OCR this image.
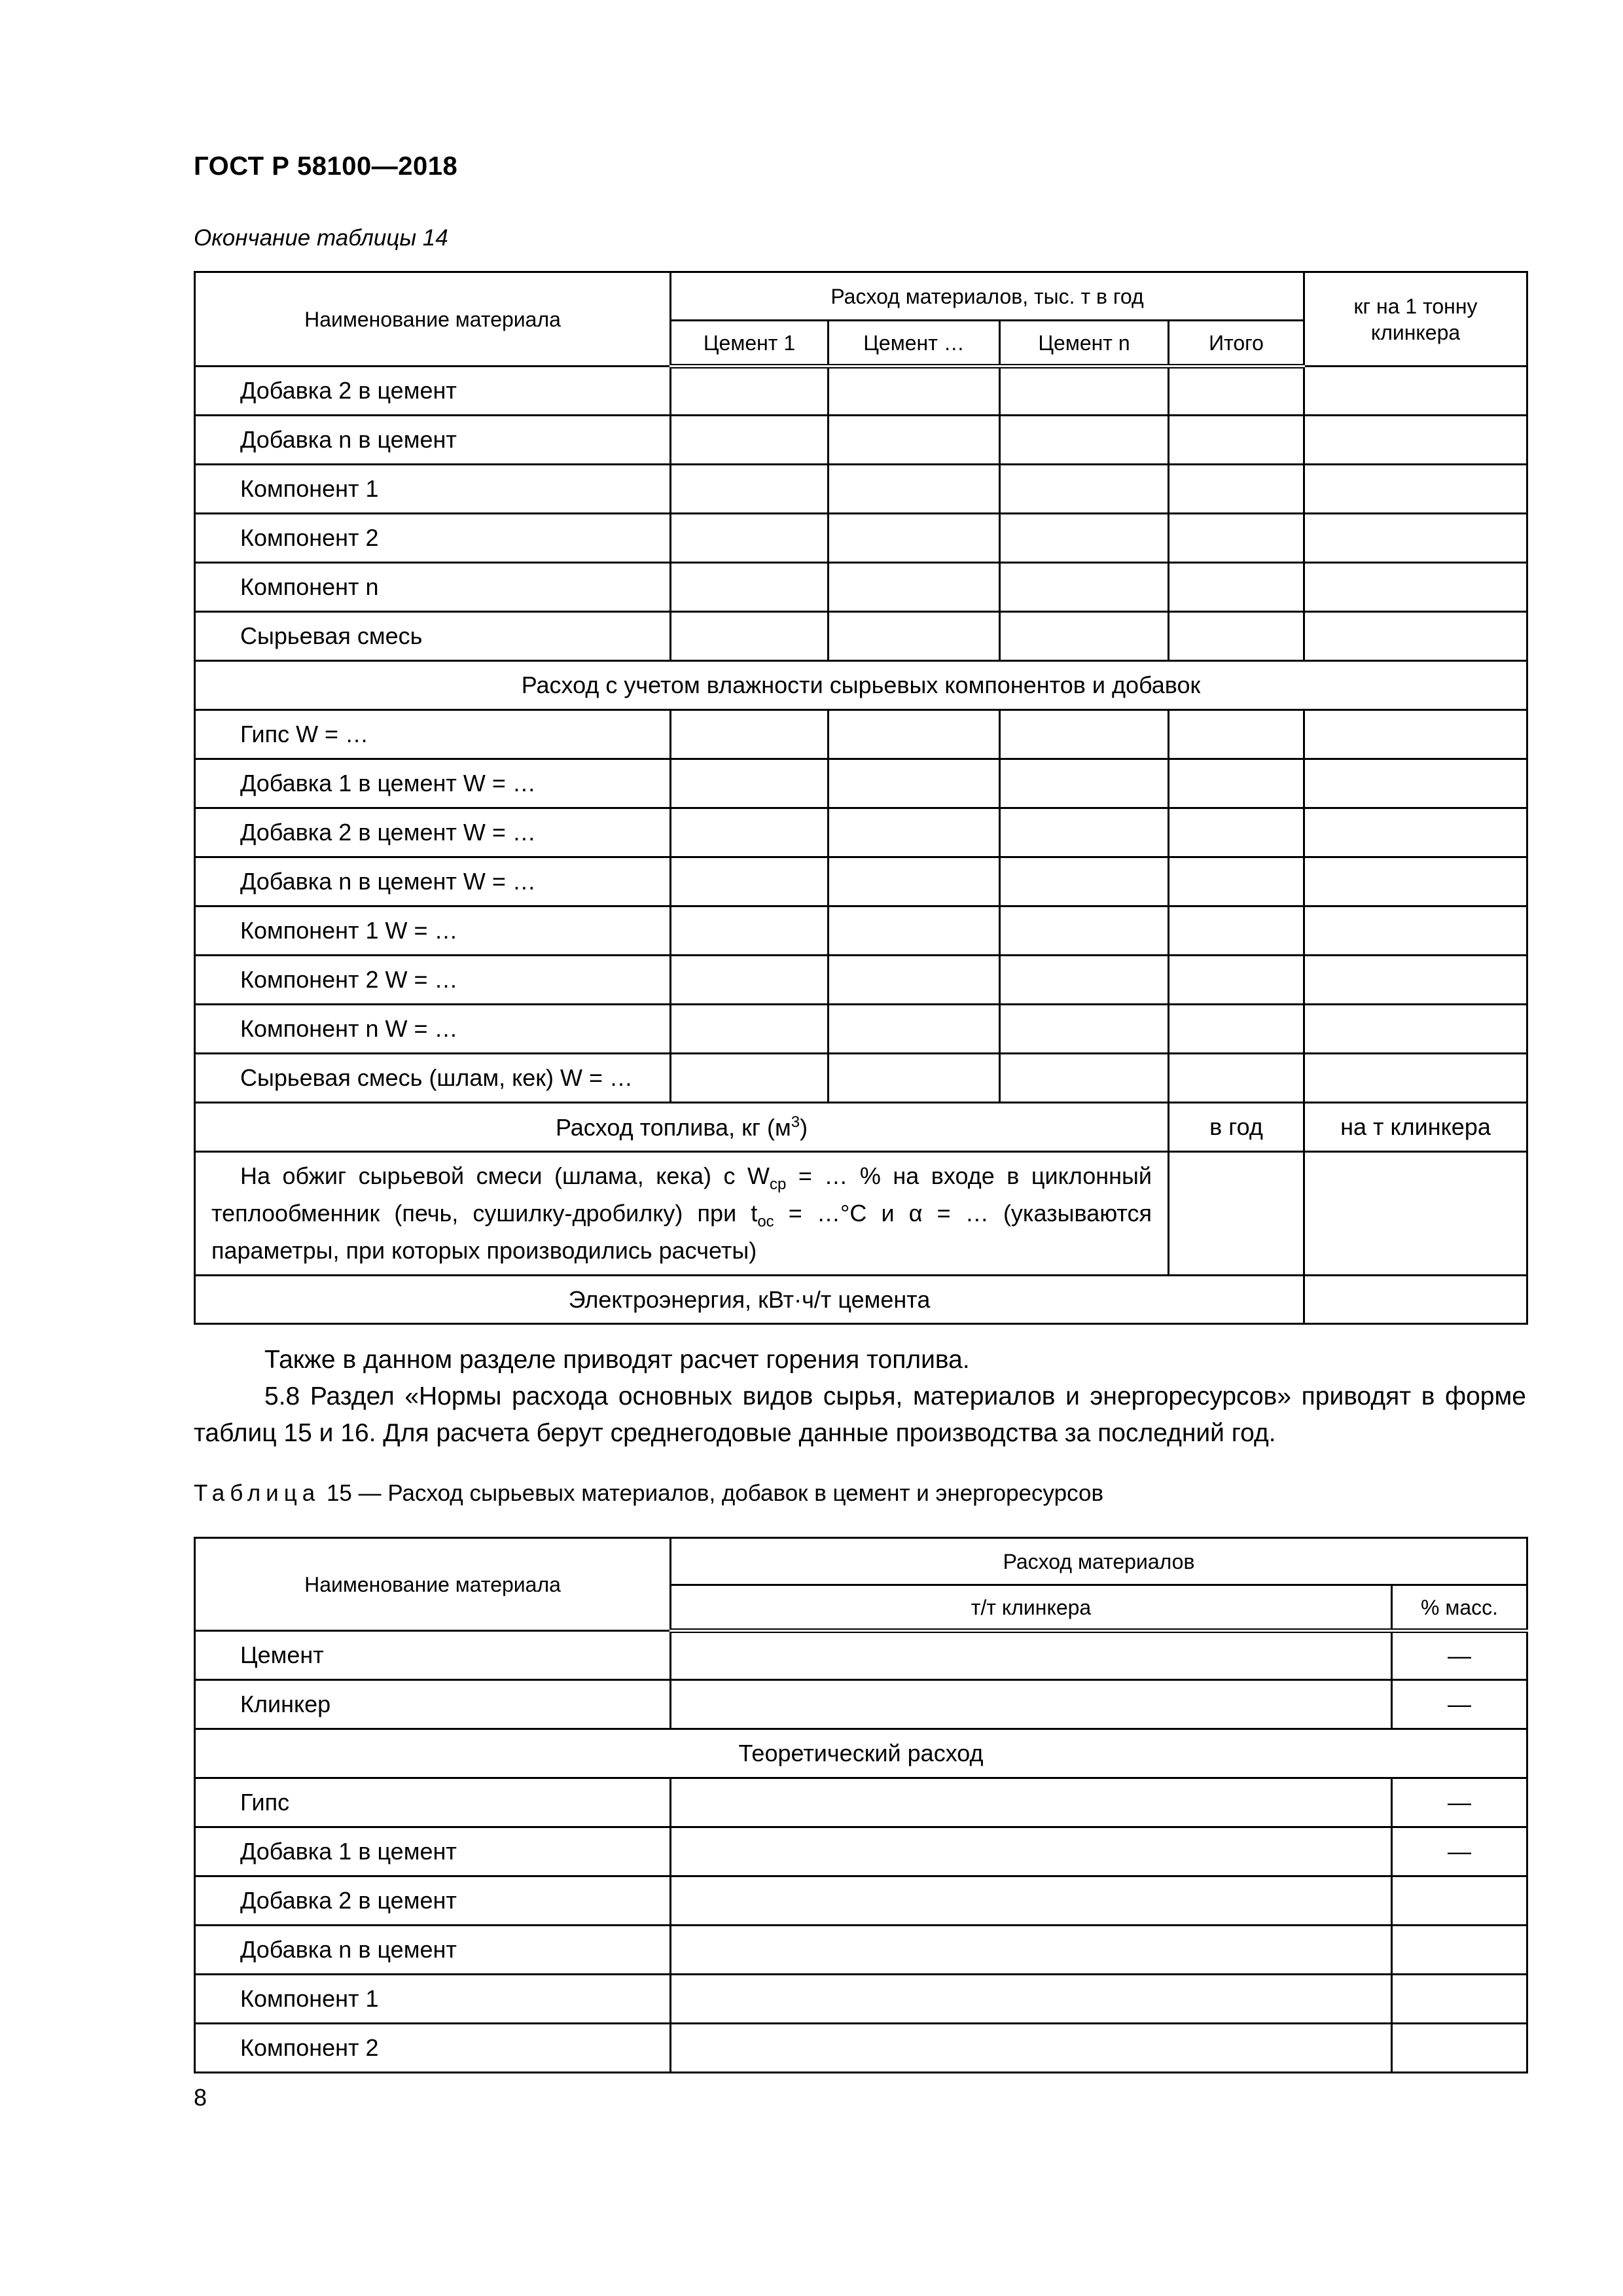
ГОСТ Р 58100—2018
Окончание таблицы 14
Наименование материала	Расход материалов, тыс. т в год				кг на 1 тонну клинкера
	Цемент 1	Цемент …	Цемент n	Итого	
Добавка 2 в цемент					
Добавка n в цемент					
Компонент 1					
Компонент 2					
Компонент n					
Сырьевая смесь					
Расход с учетом влажности сырьевых компонентов и добавок					
Гипс W = …					
Добавка 1 в цемент W = …					
Добавка 2 в цемент W = …					
Добавка n в цемент W = …					
Компонент 1 W = …					
Компонент 2 W = …					
Компонент n W = …					
Сырьевая смесь (шлам, кек) W = …					
Расход топлива, кг $(м^3)$				в год	на т клинкера
На обжиг сырьевой смеси (шлама, кека) с $W_{ср}$ = … % на входе в циклонный теплообменник (печь, сушилку-дробилку) при $t_{ос}$ = …°С и α = … (указываются параметры, при которых производились расчеты)					
Электроэнергия, кВт·ч/т цемента					
Также в данном разделе приводят расчет горения топлива.
5.8 Раздел «Нормы расхода основных видов сырья, материалов и энергоресурсов» приводят в форме таблиц 15 и 16. Для расчета берут среднегодовые данные производства за последний год.
Таблица 15 — Расход сырьевых материалов, добавок в цемент и энергоресурсов
Наименование материала	Расход материалов	
	т/т клинкера	% масс.
Цемент		—
Клинкер		—
Теоретический расход		
Гипс		—
Добавка 1 в цемент		—
Добавка 2 в цемент		
Добавка n в цемент		
Компонент 1		
Компонент 2		
8
